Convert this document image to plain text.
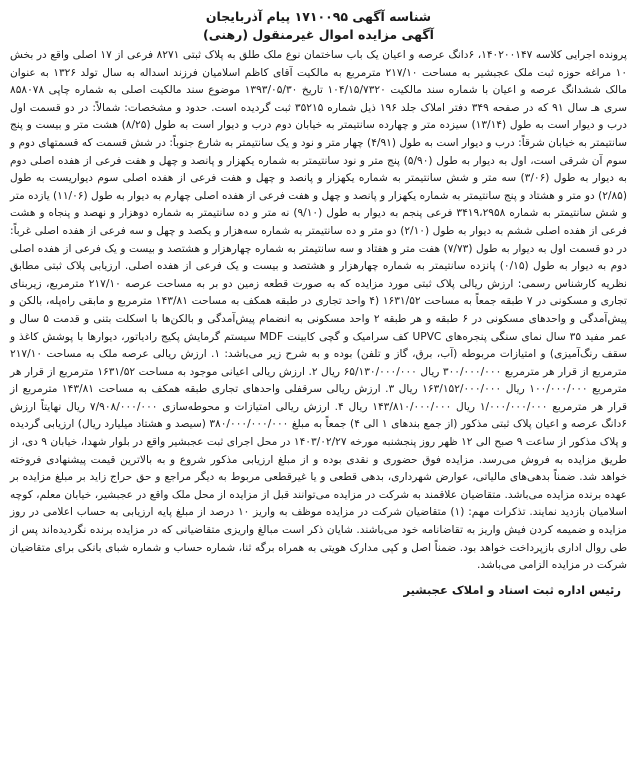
شناسه آگهی ۱۷۱۰۰۹۵ پیام آذربایجان
آگهی مزایده اموال غیرمنقول (رهنی)

پرونده اجرایی کلاسه ۱۴۰۲۰۰۱۴۷، ۶دانگ عرصه و اعیان یک باب ساختمان نوع ملک طلق به پلاک ثبتی ۸۲۷۱ فرعی از ۱۷ اصلی واقع در بخش ۱۰ مراغه حوزه ثبت ملک عجبشیر به مساحت ۲۱۷/۱۰ مترمربع به مالکیت آقای کاظم اسلامیان فرزند اسداله به سال تولد ۱۳۲۶ به عنوان مالک ششدانگ عرصه و اعیان با شماره سند مالکیت ۱۰۴/۱۵/۷۳۲۰ تاریخ ۱۳۹۳/۰۵/۳۰ موضوع سند مالکیت اصلی به شماره چاپی ۸۵۸۰۷۸ سری هـ سال ۹۱ که در صفحه ۳۴۹ دفتر املاک جلد ۱۹۶ ذیل شماره ۳۵۲۱۵ ثبت گردیده است. حدود و مشخصات: شمالاً: در دو قسمت اول درب و دیوار است به طول (۱۳/۱۴) سیزده متر و چهارده سانتیمتر به خیابان دوم درب و دیوار است به طول (۸/۲۵) هشت متر و بیست و پنج سانتیمتر به خیابان شرقاً: درب و دیوار است به طول (۴/۹۱) چهار متر و نود و یک سانتیمتر به شارع جنوباً: در شش قسمت که قسمتهای دوم و سوم آن شرقی است، اول به دیوار به طول (۵/۹۰) پنج متر و نود سانتیمتر به شماره یکهزار و پانصد و چهل و هفت فرعی از هفده اصلی دوم به دیوار به طول (۳/۰۶) سه متر و شش سانتیمتر به شماره یکهزار و پانصد و چهل و هفت فرعی از هفده اصلی سوم دیواریست به طول (۲/۸۵) دو متر و هشتاد و پنج سانتیمتر به شماره یکهزار و پانصد و چهل و هفت فرعی از هفده اصلی چهارم به دیوار به طول (۱۱/۰۶) یازده متر و شش سانتیمتر به شماره ۳۴۱۹،۲۹۵۸ فرعی پنجم به دیوار به طول (۹/۱۰) نه متر و ده سانتیمتر به شماره دوهزار و نهصد و پنجاه و هشت فرعی از هفده اصلی ششم به دیوار به طول (۲/۱۰) دو متر و ده سانتیمتر به شماره سه‌هزار و یکصد و چهل و سه فرعی از هفده اصلی غرباً: در دو قسمت اول به دیوار به طول (۷/۷۳) هفت متر و هفتاد و سه سانتیمتر به شماره چهارهزار و هشتصد و بیست و یک فرعی از هفده اصلی دوم به دیوار به طول (۰/۱۵) پانزده سانتیمتر به شماره چهارهزار و هشتصد و بیست و یک فرعی از هفده اصلی. ارزیابی پلاک ثبتی مطابق نظریه کارشناس رسمی: ارزش ریالی پلاک ثبتی مورد مزایده که به صورت قطعه زمین دو بر به مساحت عرصه ۲۱۷/۱۰ مترمربع، زیربنای تجاری و مسکونی در ۷ طبقه جمعاً به مساحت ۱۶۳۱/۵۲ (۴ واحد تجاری در طبقه همکف به مساحت ۱۴۳/۸۱ مترمربع و مابقی راه‌پله، بالکن و پیش‌آمدگی و واحدهای مسکونی در ۶ طبقه و هر طبقه ۲ واحد مسکونی به انضمام پیش‌آمدگی و بالکن‌ها با اسکلت بتنی و قدمت ۵ سال و عمر مفید ۳۵ سال نمای سنگی پنجره‌های UPVC کف سرامیک و گچی کابینت MDF سیستم گرمایش پکیج رادیاتور، دیوارها با پوشش کاغذ و سقف رنگ‌آمیزی) و امتیازات مربوطه (آب، برق، گاز و تلفن) بوده و به شرح زیر می‌باشد: ۱. ارزش ریالی عرصه ملک به مساحت ۲۱۷/۱۰ مترمربع از قرار هر مترمربع ۳۰۰/۰۰۰/۰۰۰ ریال ۶۵/۱۳۰/۰۰۰/۰۰۰ ریال ۲. ارزش ریالی اعیانی موجود به مساحت ۱۶۳۱/۵۲ مترمربع از قرار هر مترمربع ۱۰۰/۰۰۰/۰۰۰ ریال ۱۶۳/۱۵۲/۰۰۰/۰۰۰ ریال ۳. ارزش ریالی سرقفلی واحدهای تجاری طبقه همکف به مساحت ۱۴۳/۸۱ مترمربع از قرار هر مترمربع ۱/۰۰۰/۰۰۰/۰۰۰ ریال ۱۴۳/۸۱۰/۰۰۰/۰۰۰ ریال ۴. ارزش ریالی امتیازات و محوطه‌سازی ۷/۹۰۸/۰۰۰/۰۰۰ ریال نهایتاً ارزش ۶دانگ عرصه و اعیان پلاک ثبتی مذکور (از جمع بندهای ۱ الی ۴) جمعاً به مبلغ ۳۸۰/۰۰۰/۰۰۰/۰۰۰ (سیصد و هشتاد میلیارد ریال) ارزیابی گردیده و پلاک مذکور از ساعت ۹ صبح الی ۱۲ ظهر روز پنجشنبه مورخه ۱۴۰۳/۰۲/۲۷ در محل اجرای ثبت عجبشیر واقع در بلوار شهدا، خیابان ۹ دی، از طریق مزایده به فروش می‌رسد. مزایده فوق حضوری و نقدی بوده و از مبلغ ارزیابی مذکور شروع و به بالاترین قیمت پیشنهادی فروخته خواهد شد. ضمناً بدهی‌های مالیاتی، عوارض شهرداری، بدهی قطعی و یا غیرقطعی مربوط به دیگر مراجع و حق حراج زاید بر مبلغ مزایده بر عهده برنده مزایده می‌باشد. متقاضیان علاقمند به شرکت در مزایده می‌توانند قبل از مزایده از محل ملک واقع در عجبشیر، خیابان معلم، کوچه اسلامیان بازدید نمایند. تذکرات مهم: (۱) متقاضیان شرکت در مزایده موظف به واریز ۱۰ درصد از مبلغ پایه ارزیابی به حساب اعلامی در روز مزایده و ضمیمه کردن فیش واریز به تقاضانامه خود می‌باشند. شایان ذکر است مبالغ واریزی متقاضیانی که در مزایده برنده نگردیده‌اند پس از طی روال اداری بازپرداخت خواهد بود. ضمناً اصل و کپی مدارک هویتی به همراه برگه ثنا، شماره حساب و شماره شبای بانکی برای متقاضیان شرکت در مزایده الزامی می‌باشد.

رئیس اداره ثبت اسناد و املاک عجبشیر
